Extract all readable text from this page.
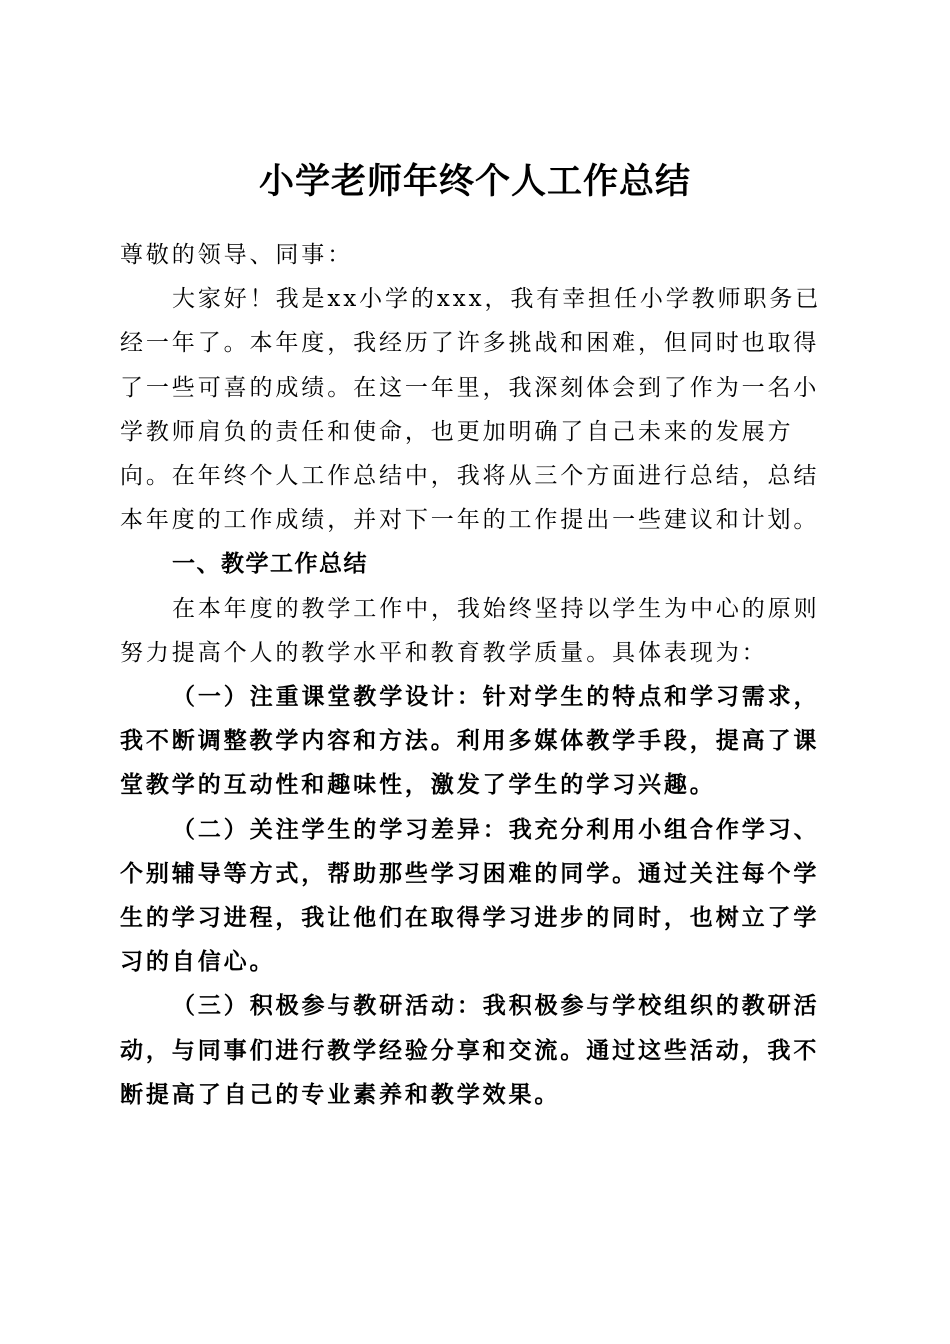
小学老师年终个人工作总结

尊敬的领导、同事：

大家好！我是xx小学的xxx，我有幸担任小学教师职务已经一年了。本年度，我经历了许多挑战和困难，但同时也取得了一些可喜的成绩。在这一年里，我深刻体会到了作为一名小学教师肩负的责任和使命，也更加明确了自己未来的发展方向。在年终个人工作总结中，我将从三个方面进行总结，总结本年度的工作成绩，并对下一年的工作提出一些建议和计划。

一、教学工作总结

在本年度的教学工作中，我始终坚持以学生为中心的原则努力提高个人的教学水平和教育教学质量。具体表现为：

（一）注重课堂教学设计：针对学生的特点和学习需求，我不断调整教学内容和方法。利用多媒体教学手段，提高了课堂教学的互动性和趣味性，激发了学生的学习兴趣。

（二）关注学生的学习差异：我充分利用小组合作学习、个别辅导等方式，帮助那些学习困难的同学。通过关注每个学生的学习进程，我让他们在取得学习进步的同时，也树立了学习的自信心。

（三）积极参与教研活动：我积极参与学校组织的教研活动，与同事们进行教学经验分享和交流。通过这些活动，我不断提高了自己的专业素养和教学效果。
